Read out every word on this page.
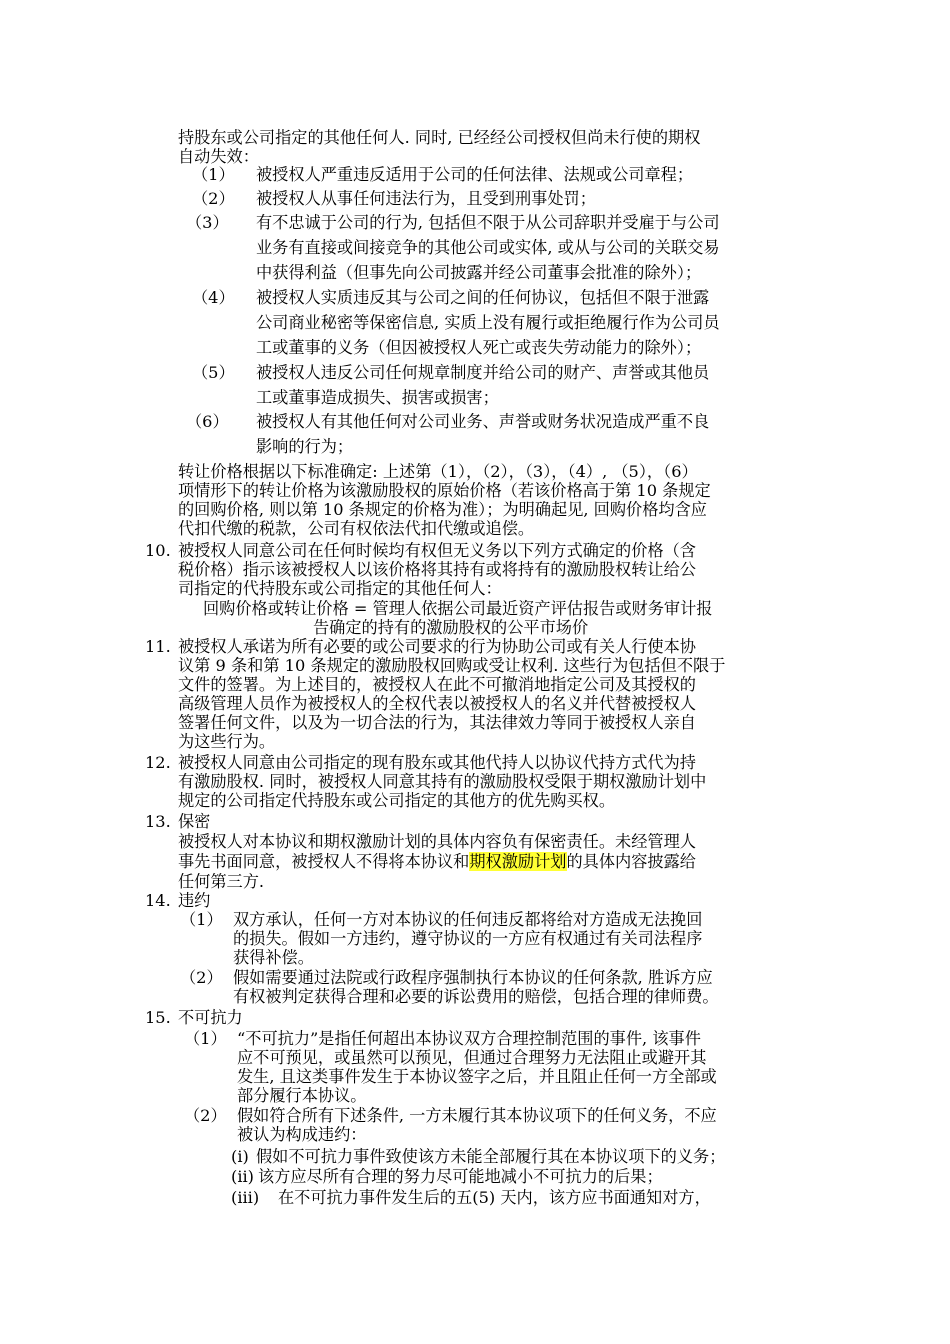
持股东或公司指定的其他任何人. 同时, 已经经公司授权但尚未行使的期权
自动失效：
（1） 被授权人严重违反适用于公司的任何法律、法规或公司章程；
（2） 被授权人从事任何违法行为，且受到刑事处罚；
（3） 有不忠诚于公司的行为, 包括但不限于从公司辞职并受雇于与公司
业务有直接或间接竞争的其他公司或实体, 或从与公司的关联交易
中获得利益（但事先向公司披露并经公司董事会批准的除外）；
（4） 被授权人实质违反其与公司之间的任何协议，包括但不限于泄露
公司商业秘密等保密信息, 实质上没有履行或拒绝履行作为公司员
工或董事的义务（但因被授权人死亡或丧失劳动能力的除外）；
（5） 被授权人违反公司任何规章制度并给公司的财产、声誉或其他员
工或董事造成损失、损害或损害；
（6） 被授权人有其他任何对公司业务、声誉或财务状况造成严重不良
影响的行为；
转让价格根据以下标准确定: 上述第（1），（2），（3），（4）, （5），（6）
项情形下的转让价格为该激励股权的原始价格（若该价格高于第 10 条规定
的回购价格, 则以第 10 条规定的价格为准）；为明确起见, 回购价格均含应
代扣代缴的税款，公司有权依法代扣代缴或追偿。
10. 被授权人同意公司在任何时候均有权但无义务以下列方式确定的价格（含
税价格）指示该被授权人以该价格将其持有或将持有的激励股权转让给公
司指定的代持股东或公司指定的其他任何人：
回购价格或转让价格 = 管理人依据公司最近资产评估报告或财务审计报
告确定的持有的激励股权的公平市场价
11. 被授权人承诺为所有必要的或公司要求的行为协助公司或有关人行使本协
议第 9 条和第 10 条规定的激励股权回购或受让权利. 这些行为包括但不限于
文件的签署。为上述目的，被授权人在此不可撤消地指定公司及其授权的
高级管理人员作为被授权人的全权代表以被授权人的名义并代替被授权人
签署任何文件，以及为一切合法的行为，其法律效力等同于被授权人亲自
为这些行为。
12. 被授权人同意由公司指定的现有股东或其他代持人以协议代持方式代为持
有激励股权. 同时，被授权人同意其持有的激励股权受限于期权激励计划中
规定的公司指定代持股东或公司指定的其他方的优先购买权。
13. 保密
被授权人对本协议和期权激励计划的具体内容负有保密责任。未经管理人
事先书面同意，被授权人不得将本协议和期权激励计划的具体内容披露给
任何第三方.
14. 违约
（1） 双方承认，任何一方对本协议的任何违反都将给对方造成无法挽回
的损失。假如一方违约，遵守协议的一方应有权通过有关司法程序
获得补偿。
（2） 假如需要通过法院或行政程序强制执行本协议的任何条款, 胜诉方应
有权被判定获得合理和必要的诉讼费用的赔偿，包括合理的律师费。
15. 不可抗力
（1） “不可抗力”是指任何超出本协议双方合理控制范围的事件, 该事件
应不可预见，或虽然可以预见，但通过合理努力无法阻止或避开其
发生, 且这类事件发生于本协议签字之后，并且阻止任何一方全部或
部分履行本协议。
（2） 假如符合所有下述条件, 一方未履行其本协议项下的任何义务，不应
被认为构成违约：
(i) 假如不可抗力事件致使该方未能全部履行其在本协议项下的义务；
(ii) 该方应尽所有合理的努力尽可能地减小不可抗力的后果；
(iii) 在不可抗力事件发生后的五(5) 天内，该方应书面通知对方，
